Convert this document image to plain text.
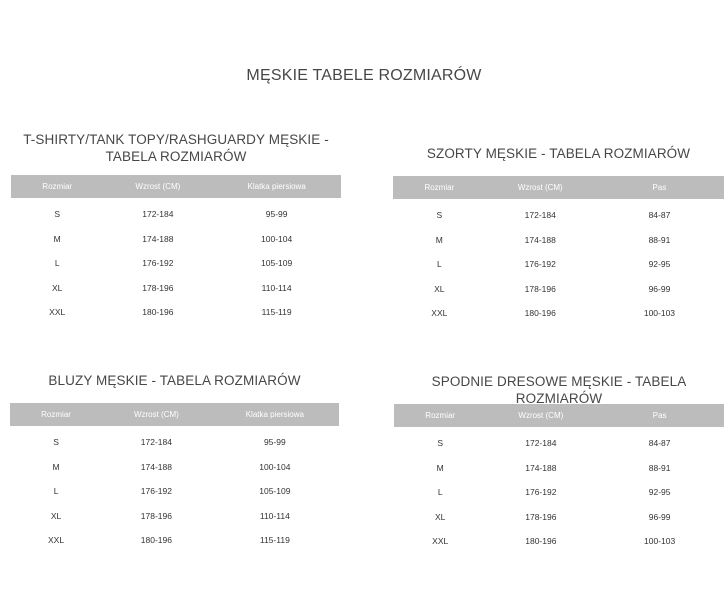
MĘSKIE TABELE ROZMIARÓW
T-SHIRTY/TANK TOPY/RASHGUARDY MĘSKIE - TABELA ROZMIARÓW
Rozmiar	Wzrost (CM)	Klatka piersiowa
S	172-184	95-99
M	174-188	100-104
L	176-192	105-109
XL	178-196	110-114
XXL	180-196	115-119
SZORTY MĘSKIE - TABELA ROZMIARÓW
Rozmiar	Wzrost (CM)	Pas
S	172-184	84-87
M	174-188	88-91
L	176-192	92-95
XL	178-196	96-99
XXL	180-196	100-103
BLUZY MĘSKIE - TABELA ROZMIARÓW
Rozmiar	Wzrost (CM)	Klatka piersiowa
S	172-184	95-99
M	174-188	100-104
L	176-192	105-109
XL	178-196	110-114
XXL	180-196	115-119
SPODNIE DRESOWE MĘSKIE - TABELA ROZMIARÓW
Rozmiar	Wzrost (CM)	Pas
S	172-184	84-87
M	174-188	88-91
L	176-192	92-95
XL	178-196	96-99
XXL	180-196	100-103
